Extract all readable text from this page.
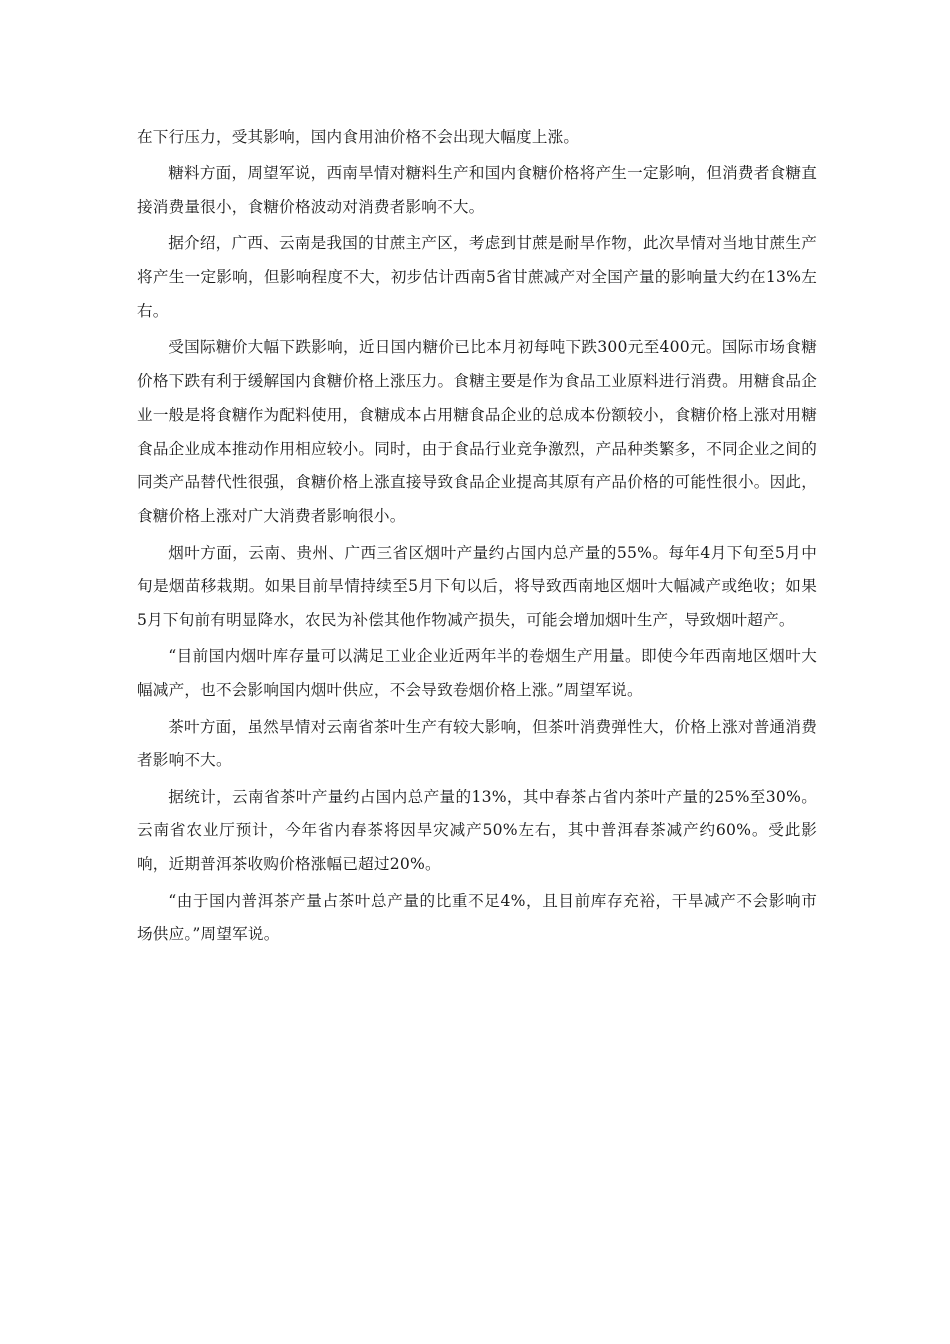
在下行压力，受其影响，国内食用油价格不会出现大幅度上涨。

糖料方面，周望军说，西南旱情对糖料生产和国内食糖价格将产生一定影响，但消费者食糖直接消费量很小，食糖价格波动对消费者影响不大。

据介绍，广西、云南是我国的甘蔗主产区，考虑到甘蔗是耐旱作物，此次旱情对当地甘蔗生产将产生一定影响，但影响程度不大，初步估计西南5省甘蔗减产对全国产量的影响量大约在13%左右。

受国际糖价大幅下跌影响，近日国内糖价已比本月初每吨下跌300元至400元。国际市场食糖价格下跌有利于缓解国内食糖价格上涨压力。食糖主要是作为食品工业原料进行消费。用糖食品企业一般是将食糖作为配料使用，食糖成本占用糖食品企业的总成本份额较小，食糖价格上涨对用糖食品企业成本推动作用相应较小。同时，由于食品行业竞争激烈，产品种类繁多，不同企业之间的同类产品替代性很强，食糖价格上涨直接导致食品企业提高其原有产品价格的可能性很小。因此，食糖价格上涨对广大消费者影响很小。

烟叶方面，云南、贵州、广西三省区烟叶产量约占国内总产量的55%。每年4月下旬至5月中旬是烟苗移栽期。如果目前旱情持续至5月下旬以后，将导致西南地区烟叶大幅减产或绝收；如果5月下旬前有明显降水，农民为补偿其他作物减产损失，可能会增加烟叶生产，导致烟叶超产。

“目前国内烟叶库存量可以满足工业企业近两年半的卷烟生产用量。即使今年西南地区烟叶大幅减产，也不会影响国内烟叶供应，不会导致卷烟价格上涨。”周望军说。

茶叶方面，虽然旱情对云南省茶叶生产有较大影响，但茶叶消费弹性大，价格上涨对普通消费者影响不大。

据统计，云南省茶叶产量约占国内总产量的13%，其中春茶占省内茶叶产量的25%至30%。云南省农业厅预计，今年省内春茶将因旱灾减产50%左右，其中普洱春茶减产约60%。受此影响，近期普洱茶收购价格涨幅已超过20%。

“由于国内普洱茶产量占茶叶总产量的比重不足4%，且目前库存充裕，干旱减产不会影响市场供应。”周望军说。
